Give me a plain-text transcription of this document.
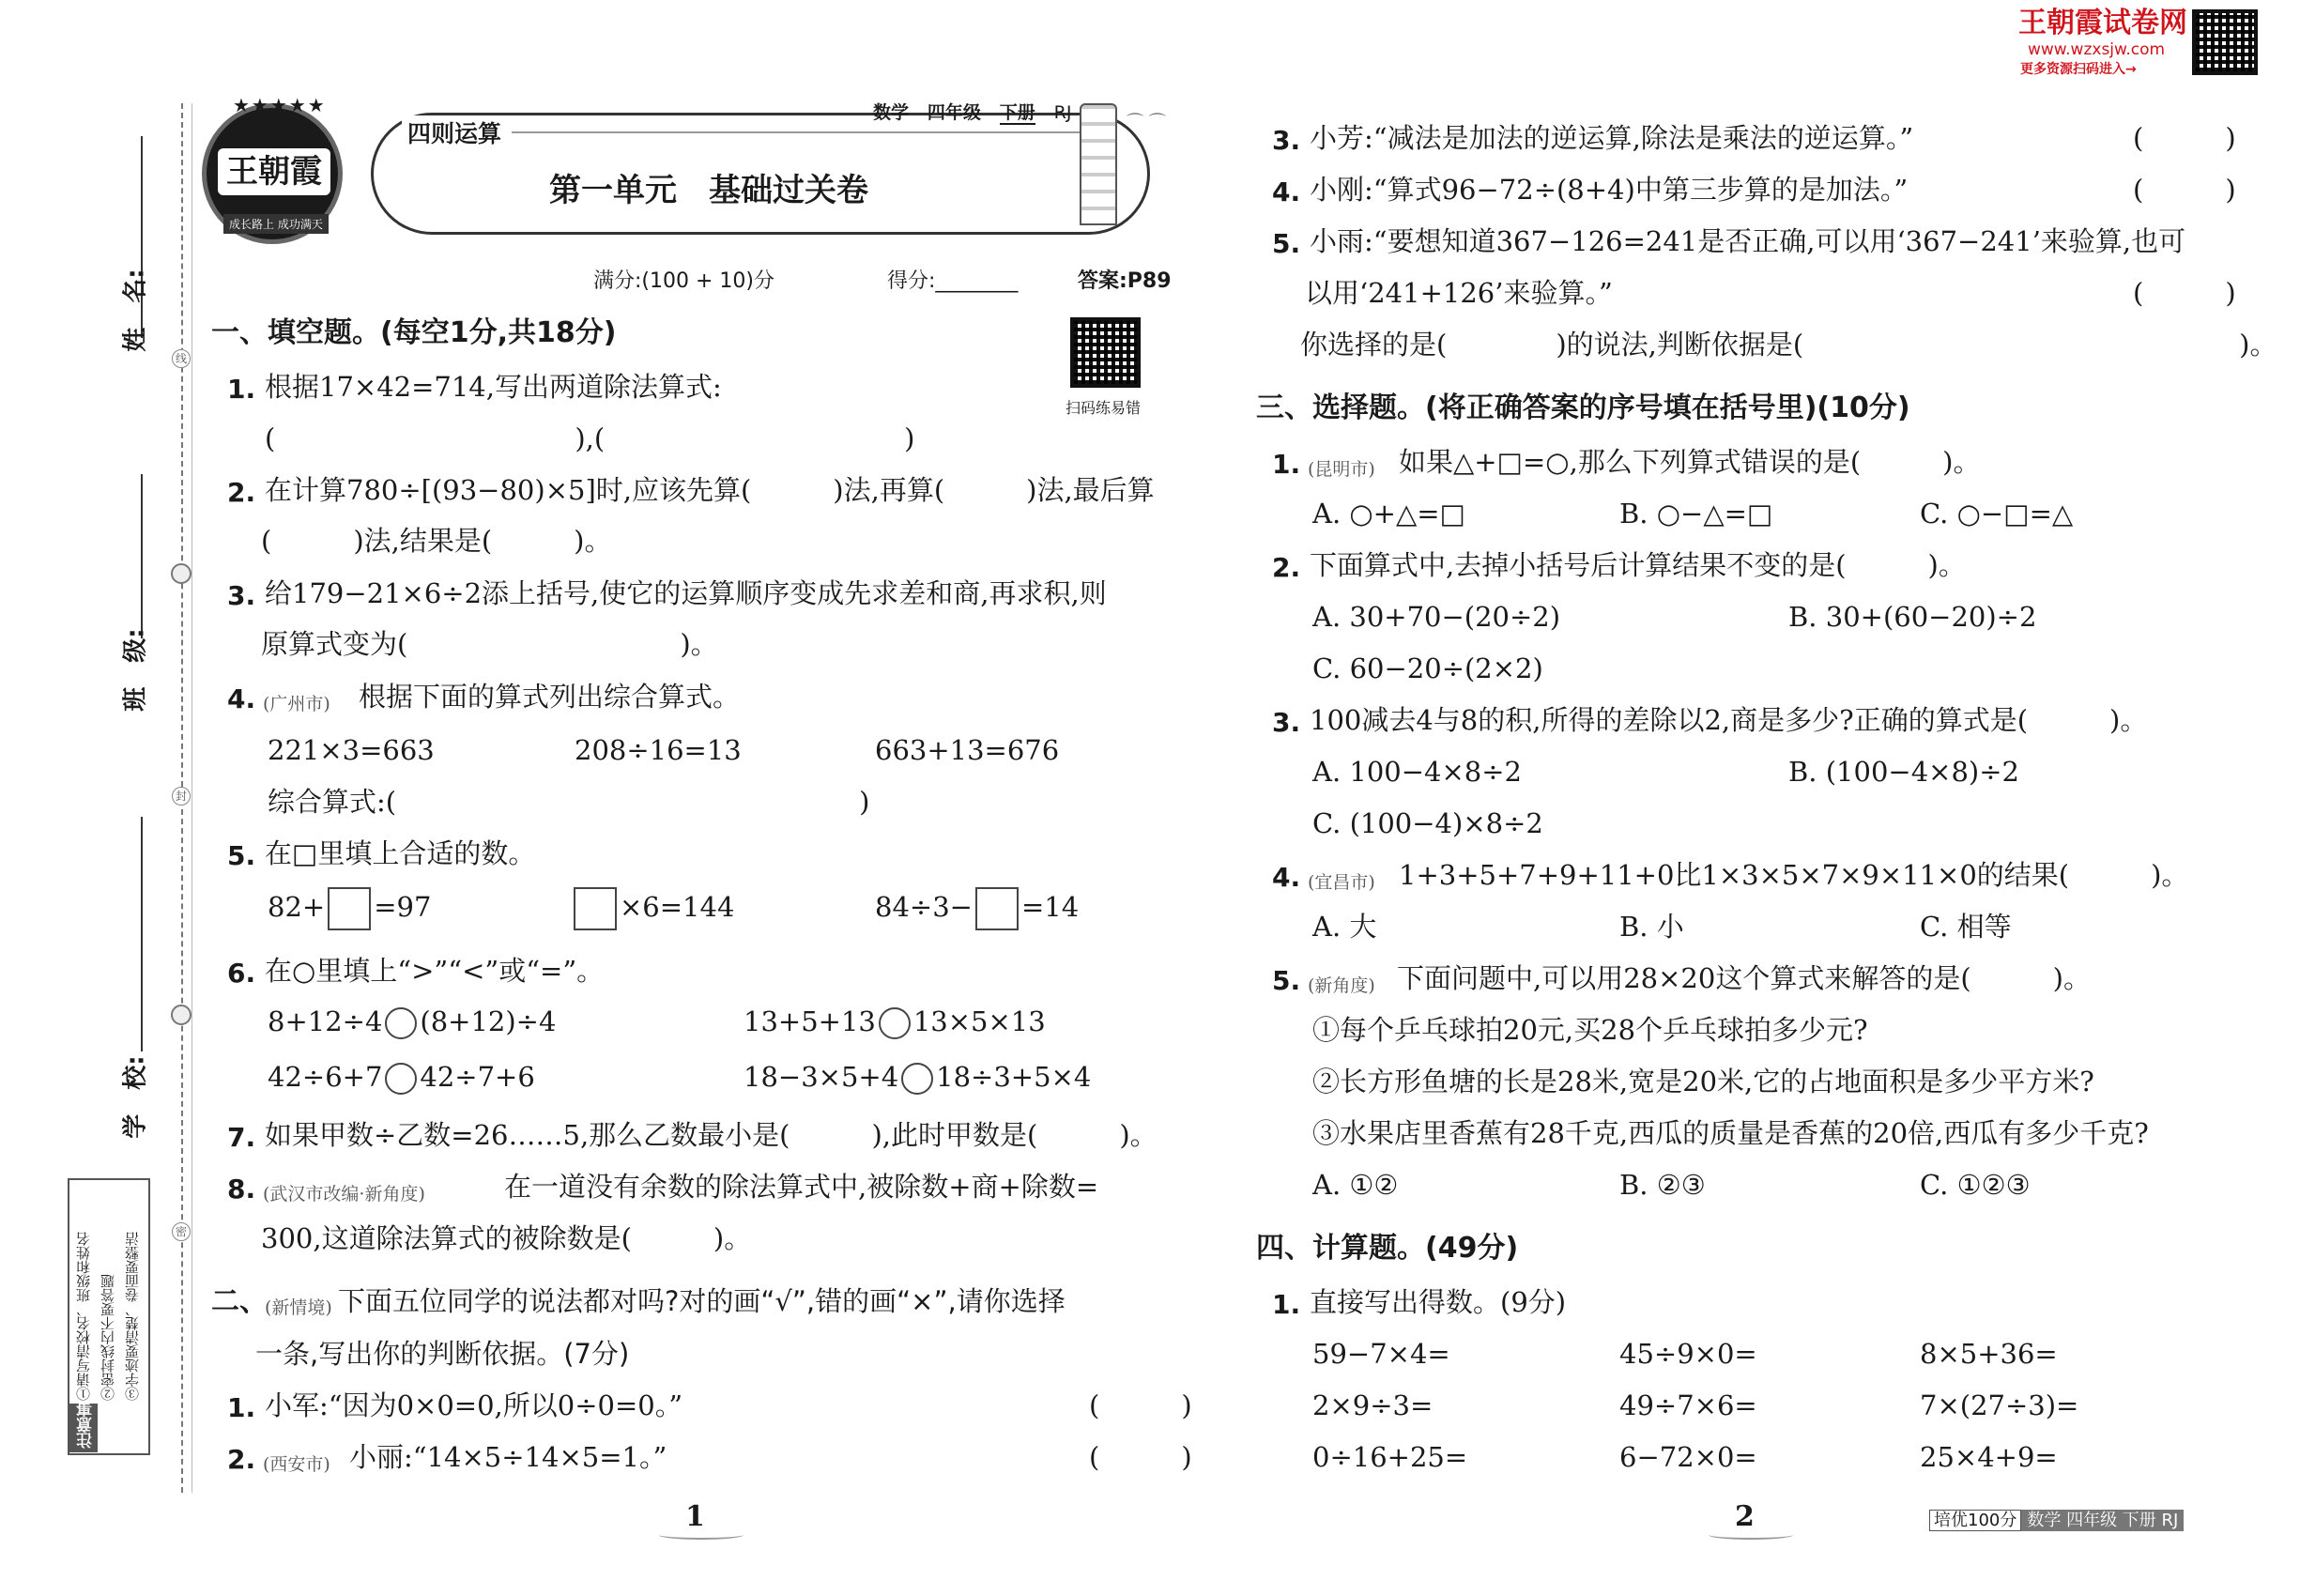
王朝霞试卷网
www.wzxsjw.com
更多资源扫码进入→
姓　名:
班　级:
学　校:
线
封
密
注意事项
①请写清校名、班级和姓名 ②密封线内不要答题 ③字迹要清楚、卷面要整洁
★★★★★
王朝霞
成长路上 成功满天
四则运算
数学 四年级 下册 RJ
第一单元　基础过关卷
⌒ ⌒
满分:(100 + 10)分	得分:________	答案:P89
扫码练易错
一、填空题。(每空1分,共18分)
1. 根据17×42=714,写出两道除法算式:
(　　　　　　　　　　　),(　　　　　　　　　　　)
2. 在计算780÷[(93−80)×5]时,应该先算(　　　)法,再算(　　　)法,最后算
(　　　)法,结果是(　　　)。
3. 给179−21×6÷2添上括号,使它的运算顺序变成先求差和商,再求积,则
原算式变为(　　　　　　　　　　)。
4. (广州市) 根据下面的算式列出综合算式。
221×3=663	208÷16=13	663+13=676
综合算式:(　　　　　　　　　　　　　　　　　)
5. 在□里填上合适的数。
82+ =97	×6=144	84÷3− =14
6. 在○里填上“>”“<”或“=”。
8+12÷4 (8+12)÷4	13+5+13 13×5×13
42÷6+7 42÷7+6	18−3×5+4 18÷3+5×4
7. 如果甲数÷乙数=26……5,那么乙数最小是(　　　),此时甲数是(　　　)。
8. (武汉市改编·新角度)	在一道没有余数的除法算式中,被除数+商+除数=
300,这道除法算式的被除数是(　　　)。
二、
(新情境) 下面五位同学的说法都对吗?对的画“√”,错的画“×”,请你选择
一条,写出你的判断依据。(7分)
1. 小军:“因为0×0=0,所以0÷0=0。”	(　　　)
2. (西安市) 小丽:“14×5÷14×5=1。”	(　　　)
1
3. 小芳:“减法是加法的逆运算,除法是乘法的逆运算。”	(　　　)
4. 小刚:“算式96−72÷(8+4)中第三步算的是加法。”	(　　　)
5. 小雨:“要想知道367−126=241是否正确,可以用‘367−241’来验算,也可
以用‘241+126’来验算。”	(　　　)
你选择的是(　　　　)的说法,判断依据是(　　　　　　　　　　　　　　　　)。
三、选择题。(将正确答案的序号填在括号里)(10分)
1. (昆明市) 如果△+□=○,那么下列算式错误的是(　　　)。
A. ○+△=□	B. ○−△=□	C. ○−□=△
2. 下面算式中,去掉小括号后计算结果不变的是(　　　)。
A. 30+70−(20÷2)	B. 30+(60−20)÷2
C. 60−20÷(2×2)
3. 100减去4与8的积,所得的差除以2,商是多少?正确的算式是(　　　)。
A. 100−4×8÷2	B. (100−4×8)÷2
C. (100−4)×8÷2
4. (宜昌市) 1+3+5+7+9+11+0比1×3×5×7×9×11×0的结果(　　　)。
A. 大	B. 小	C. 相等
5. (新角度) 下面问题中,可以用28×20这个算式来解答的是(　　　)。
①每个乒乓球拍20元,买28个乒乓球拍多少元?
②长方形鱼塘的长是28米,宽是20米,它的占地面积是多少平方米?
③水果店里香蕉有28千克,西瓜的质量是香蕉的20倍,西瓜有多少千克?
A. ①②	B. ②③	C. ①②③
四、计算题。(49分)
1. 直接写出得数。(9分)
59−7×4=	45÷9×0=	8×5+36=
2×9÷3=	49÷7×6=	7×(27÷3)=
0÷16+25=	6−72×0=	25×4+9=
2	培优100分 数学 四年级 下册 RJ
